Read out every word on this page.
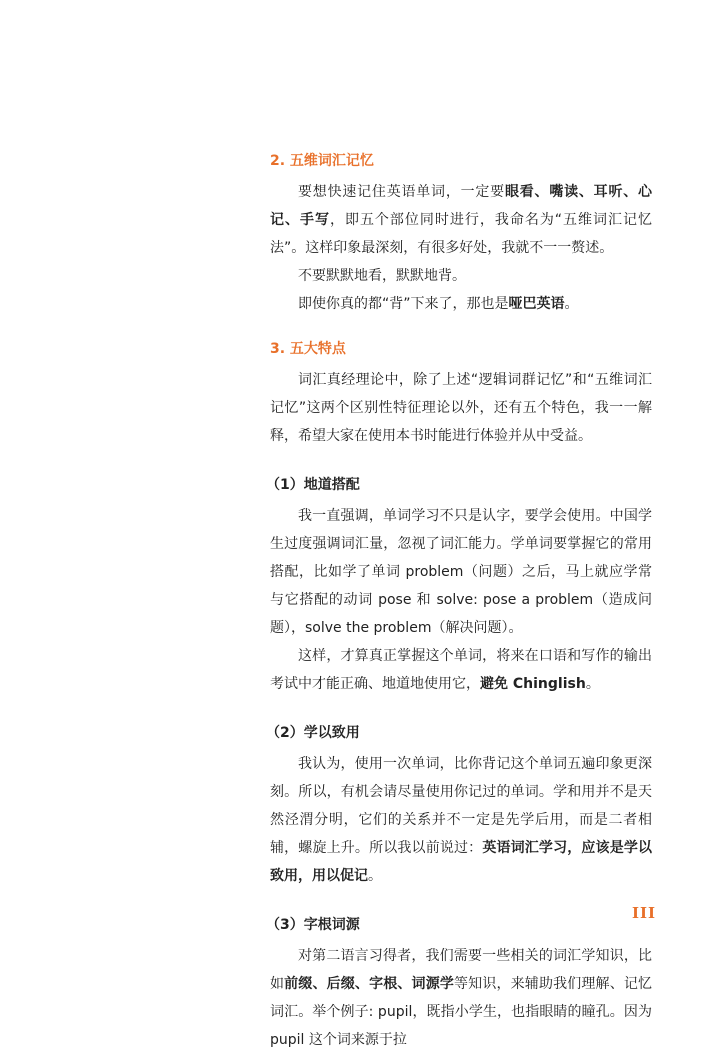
2. 五维词汇记忆

要想快速记住英语单词，一定要眼看、嘴读、耳听、心记、手写，即五个部位同时进行，我命名为“五维词汇记忆法”。这样印象最深刻，有很多好处，我就不一一赘述。

不要默默地看，默默地背。

即使你真的都“背”下来了，那也是哑巴英语。

3. 五大特点

词汇真经理论中，除了上述“逻辑词群记忆”和“五维词汇记忆”这两个区别性特征理论以外，还有五个特色，我一一解释，希望大家在使用本书时能进行体验并从中受益。

（1）地道搭配

我一直强调，单词学习不只是认字，要学会使用。中国学生过度强调词汇量，忽视了词汇能力。学单词要掌握它的常用搭配，比如学了单词 problem（问题）之后，马上就应学常与它搭配的动词 pose 和 solve: pose a problem（造成问题），solve the problem（解决问题）。

这样，才算真正掌握这个单词，将来在口语和写作的输出考试中才能正确、地道地使用它，避免 Chinglish。

（2）学以致用

我认为，使用一次单词，比你背记这个单词五遍印象更深刻。所以，有机会请尽量使用你记过的单词。学和用并不是天然泾渭分明，它们的关系并不一定是先学后用，而是二者相辅，螺旋上升。所以我以前说过：英语词汇学习，应该是学以致用，用以促记。

（3）字根词源

对第二语言习得者，我们需要一些相关的词汇学知识，比如前缀、后缀、字根、词源学等知识，来辅助我们理解、记忆词汇。举个例子: pupil，既指小学生，也指眼睛的瞳孔。因为 pupil 这个词来源于拉

III
